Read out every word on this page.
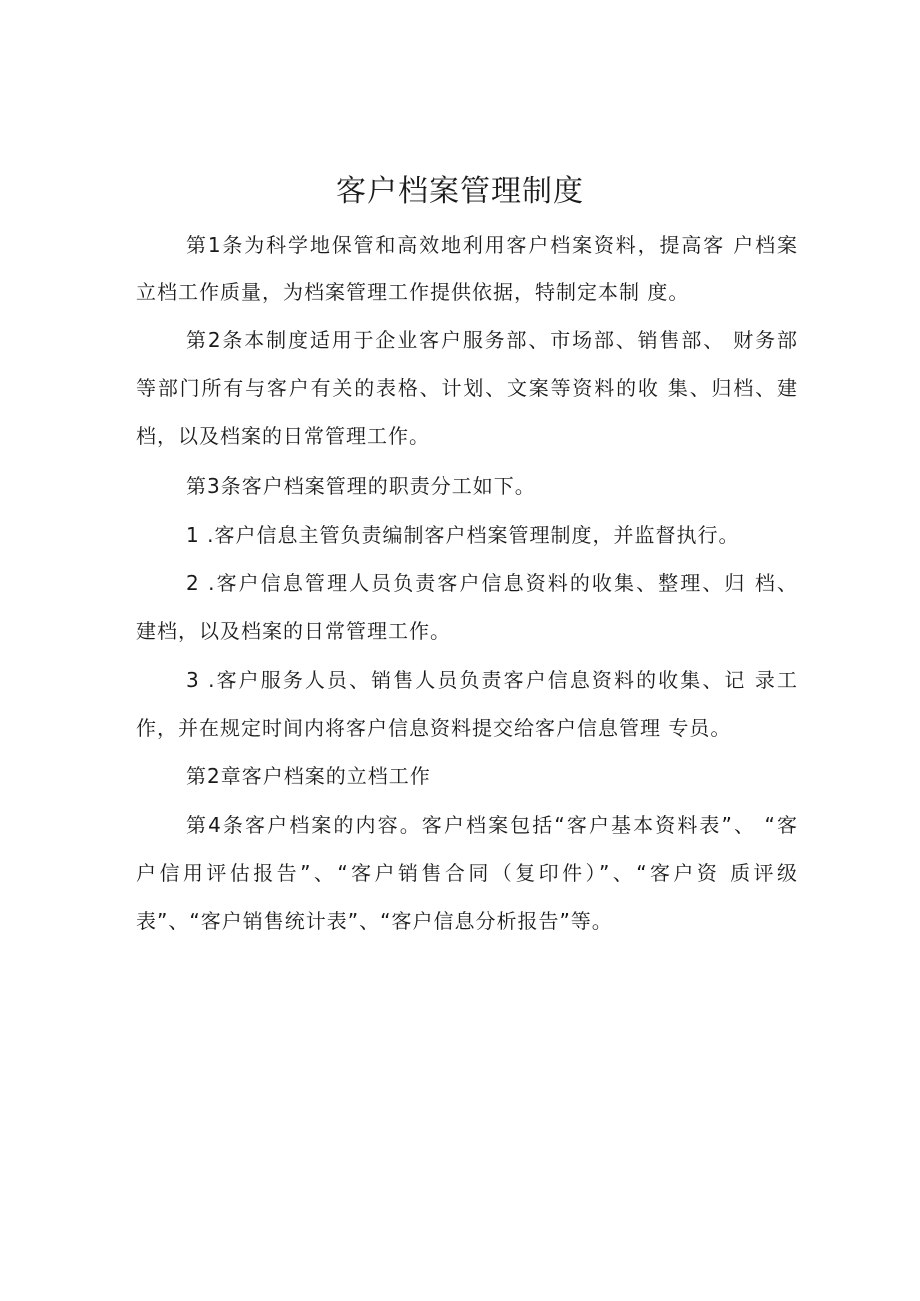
客户档案管理制度
第1条为科学地保管和高效地利用客户档案资料，提高客 户档案
立档工作质量，为档案管理工作提供依据，特制定本制 度。
第2条本制度适用于企业客户服务部、市场部、销售部、 财务部
等部门所有与客户有关的表格、计划、文案等资料的收 集、归档、建
档，以及档案的日常管理工作。
第3条客户档案管理的职责分工如下。
1 .客户信息主管负责编制客户档案管理制度，并监督执行。
2 .客户信息管理人员负责客户信息资料的收集、整理、归 档、
建档，以及档案的日常管理工作。
3 .客户服务人员、销售人员负责客户信息资料的收集、记 录工
作，并在规定时间内将客户信息资料提交给客户信息管理 专员。
第2章客户档案的立档工作
第4条客户档案的内容。客户档案包括“客户基本资料表”、 “客
户信用评估报告”、“客户销售合同（复印件）”、“客户资 质评级
表”、“客户销售统计表”、“客户信息分析报告”等。
